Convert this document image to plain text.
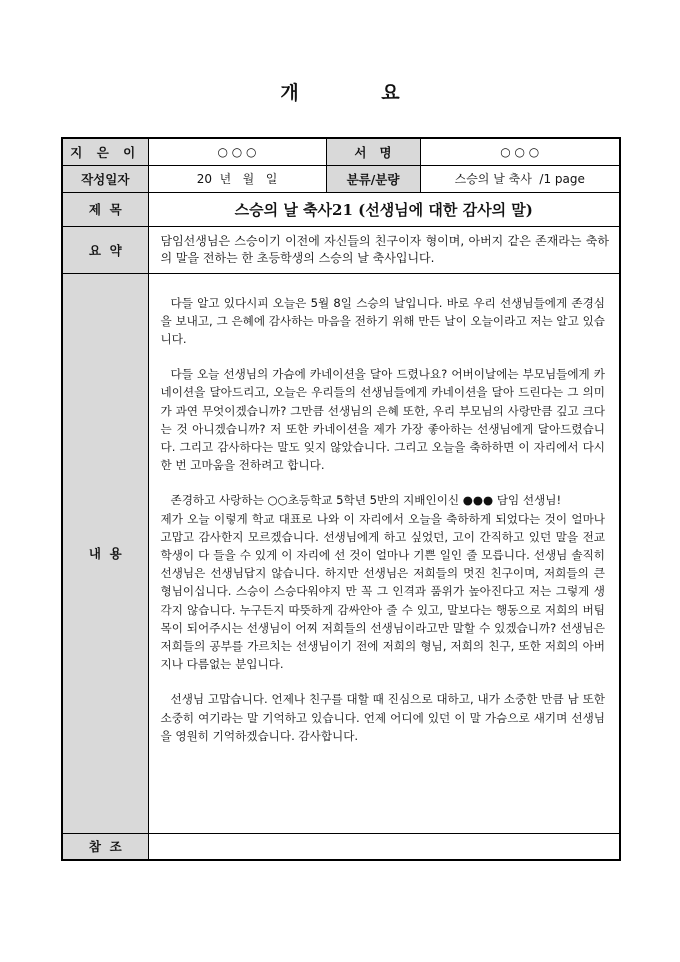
개 요
지 은 이	○ ○ ○	서   명	○ ○ ○
작성일자	20  년   월   일	분류/분량	스승의 날 축사  /1 page
제  목	스승의 날 축사21 (선생님에 대한 감사의 말)		
요  약	담임선생님은 스승이기 이전에 자신들의 친구이자 형이며, 아버지 같은 존재라는 축하의 말을 전하는 한 초등학생의 스승의 날 축사입니다.		
내  용	다들 알고 있다시피 오늘은 5월 8일 스승의 날입니다. 바로 우리 선생님들에게 존경심을 보내고, 그 은혜에 감사하는 마음을 전하기 위해 만든 날이 오늘이라고 저는 알고 있습니다.

다들 오늘 선생님의 가슴에 카네이션을 달아 드렸나요? 어버이날에는 부모님들에게 카네이션을 달아드리고, 오늘은 우리들의 선생님들에게 카네이션을 달아 드린다는 그 의미가 과연 무엇이겠습니까? 그만큼 선생님의 은혜 또한, 우리 부모님의 사랑만큼 깊고 크다는 것 아니겠습니까? 저 또한 카네이션을 제가 가장 좋아하는 선생님에게 달아드렸습니다. 그리고 감사하다는 말도 잊지 않았습니다. 그리고 오늘을 축하하면 이 자리에서 다시 한 번 고마움을 전하려고 합니다.

존경하고 사랑하는 ○○초등학교 5학년 5반의 지배인이신 ●●● 담임 선생님!
제가 오늘 이렇게 학교 대표로 나와 이 자리에서 오늘을 축하하게 되었다는 것이 얼마나 고맙고 감사한지 모르겠습니다. 선생님에게 하고 싶었던, 고이 간직하고 있던 말을 전교 학생이 다 들을 수 있게 이 자리에 선 것이 얼마나 기쁜 일인 줄 모릅니다. 선생님 솔직히 선생님은 선생님답지 않습니다. 하지만 선생님은 저희들의 멋진 친구이며, 저희들의 큰 형님이십니다. 스승이 스승다워야지 만 꼭 그 인격과 품위가 높아진다고 저는 그렇게 생각지 않습니다. 누구든지 따뜻하게 감싸안아 줄 수 있고, 말보다는 행동으로 저희의 버팀목이 되어주시는 선생님이 어찌 저희들의 선생님이라고만 말할 수 있겠습니까? 선생님은 저희들의 공부를 가르치는 선생님이기 전에 저희의 형님, 저희의 친구, 또한 저희의 아버지나 다름없는 분입니다.

선생님 고맙습니다. 언제나 친구를 대할 때 진심으로 대하고, 내가 소중한 만큼 남 또한 소중히 여기라는 말 기억하고 있습니다. 언제 어디에 있던 이 말 가슴으로 새기며 선생님을 영원히 기억하겠습니다. 감사합니다.		

참  조			
